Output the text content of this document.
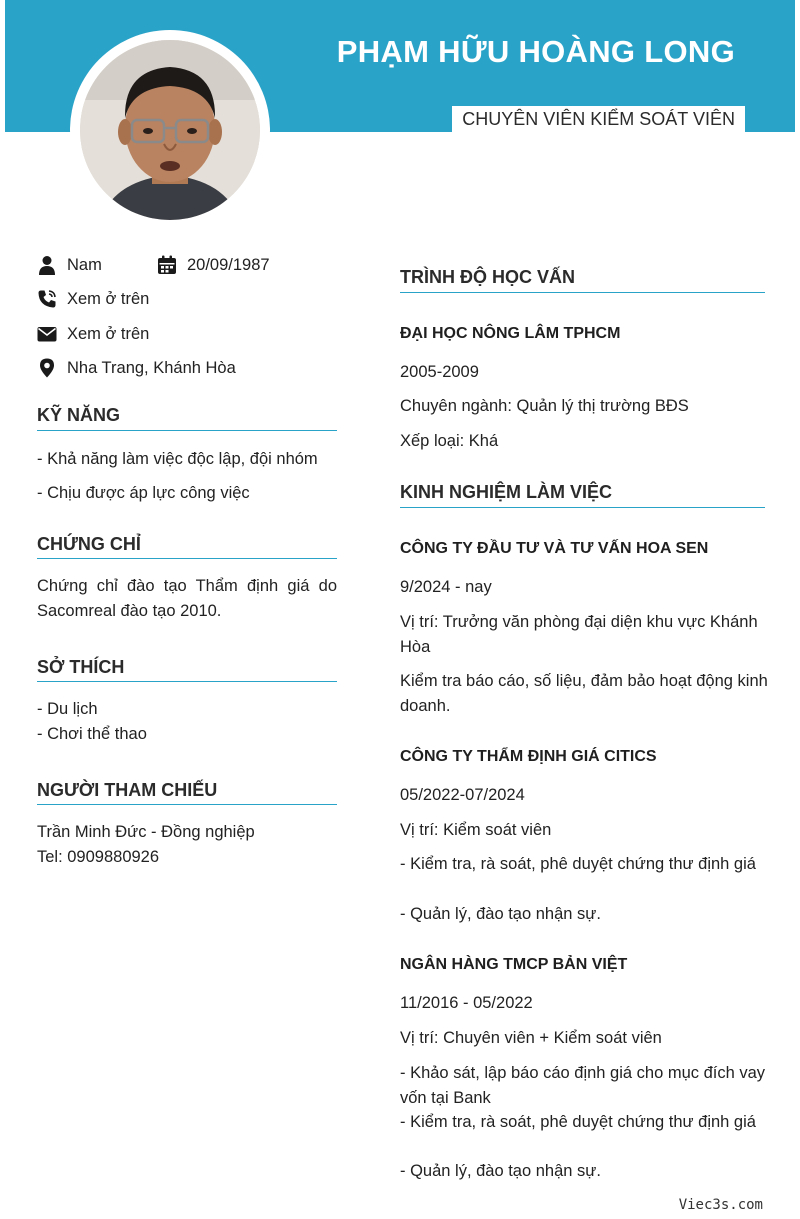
PHẠM HỮU HOÀNG LONG
CHUYÊN VIÊN KIỂM SOÁT VIÊN
Nam	20/09/1987
Xem ở trên
Xem ở trên
Nha Trang, Khánh Hòa
KỸ NĂNG
- Khả năng làm việc độc lập, đội nhóm
- Chịu được áp lực công việc
CHỨNG CHỈ
Chứng chỉ đào tạo Thẩm định giá do Sacomreal đào tạo 2010.
SỞ THÍCH
- Du lịch
- Chơi thể thao
NGƯỜI THAM CHIẾU
Trần Minh Đức - Đồng nghiệp
Tel: 0909880926
TRÌNH ĐỘ HỌC VẤN
ĐẠI HỌC NÔNG LÂM TPHCM
2005-2009
Chuyên ngành: Quản lý thị trường BĐS
Xếp loại: Khá
KINH NGHIỆM LÀM VIỆC
CÔNG TY ĐẦU TƯ VÀ TƯ VẤN HOA SEN
9/2024 - nay
Vị trí: Trưởng văn phòng đại diện khu vực Khánh Hòa
Kiểm tra báo cáo, số liệu, đảm bảo hoạt động kinh doanh.
CÔNG TY THẨM ĐỊNH GIÁ CITICS
05/2022-07/2024
Vị trí: Kiểm soát viên
- Kiểm tra, rà soát, phê duyệt chứng thư định giá
- Quản lý, đào tạo nhận sự.
NGÂN HÀNG TMCP BẢN VIỆT
11/2016 - 05/2022
Vị trí: Chuyên viên + Kiểm soát viên
- Khảo sát, lập báo cáo định giá cho mục đích vay vốn tại Bank
- Kiểm tra, rà soát, phê duyệt chứng thư định giá
- Quản lý, đào tạo nhận sự.
Viec3s.com
